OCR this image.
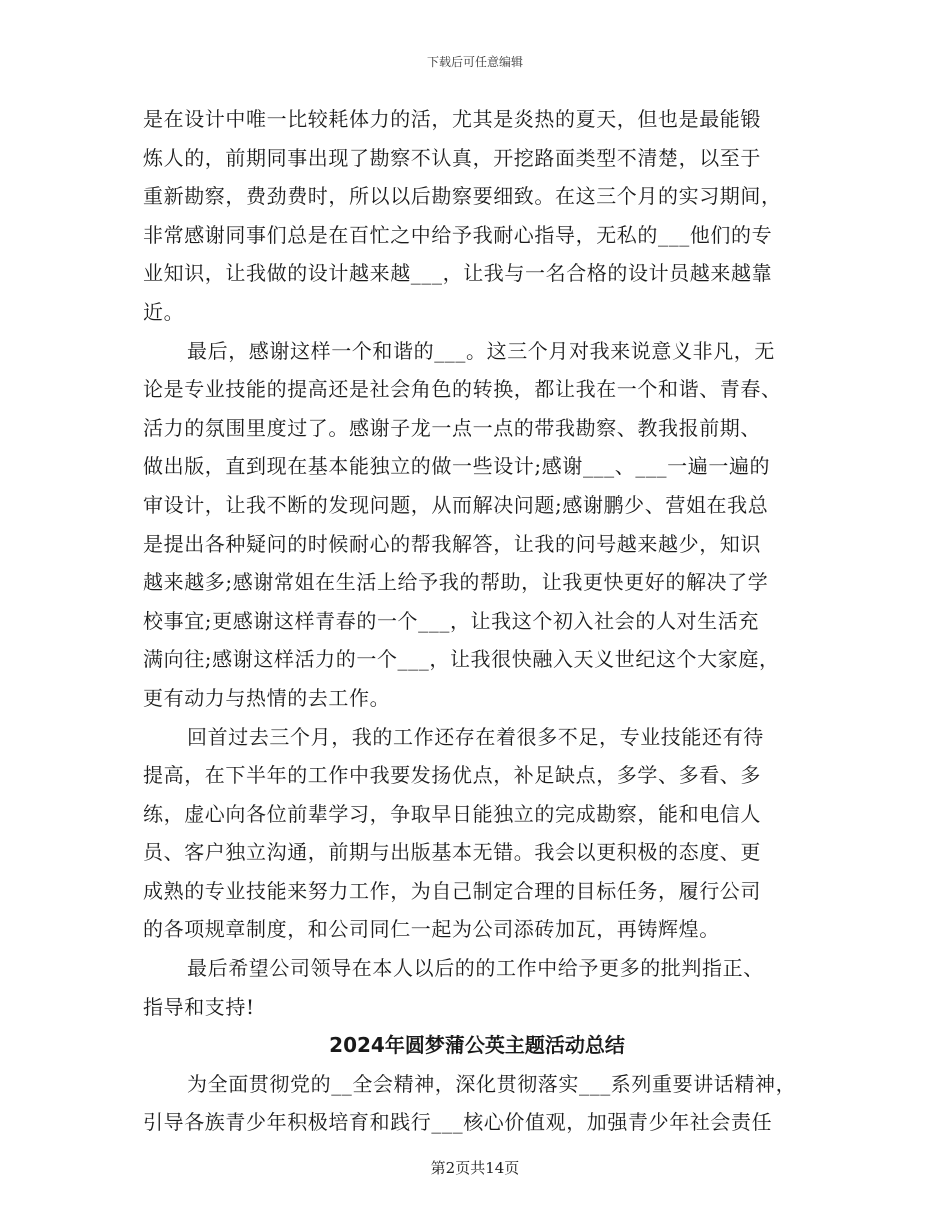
下载后可任意编辑
是在设计中唯一比较耗体力的活，尤其是炎热的夏天，但也是最能锻
炼人的，前期同事出现了勘察不认真，开挖路面类型不清楚，以至于
重新勘察，费劲费时，所以以后勘察要细致。在这三个月的实习期间，
非常感谢同事们总是在百忙之中给予我耐心指导，无私的___他们的专
业知识，让我做的设计越来越___，让我与一名合格的设计员越来越靠
近。
最后，感谢这样一个和谐的___。这三个月对我来说意义非凡，无
论是专业技能的提高还是社会角色的转换，都让我在一个和谐、青春、
活力的氛围里度过了。感谢子龙一点一点的带我勘察、教我报前期、
做出版，直到现在基本能独立的做一些设计;感谢___、___一遍一遍的
审设计，让我不断的发现问题，从而解决问题;感谢鹏少、营姐在我总
是提出各种疑问的时候耐心的帮我解答，让我的问号越来越少，知识
越来越多;感谢常姐在生活上给予我的帮助，让我更快更好的解决了学
校事宜;更感谢这样青春的一个___，让我这个初入社会的人对生活充
满向往;感谢这样活力的一个___，让我很快融入天义世纪这个大家庭，
更有动力与热情的去工作。
回首过去三个月，我的工作还存在着很多不足，专业技能还有待
提高，在下半年的工作中我要发扬优点，补足缺点，多学、多看、多
练，虚心向各位前辈学习，争取早日能独立的完成勘察，能和电信人
员、客户独立沟通，前期与出版基本无错。我会以更积极的态度、更
成熟的专业技能来努力工作，为自己制定合理的目标任务，履行公司
的各项规章制度，和公司同仁一起为公司添砖加瓦，再铸辉煌。
最后希望公司领导在本人以后的的工作中给予更多的批判指正、
指导和支持!
2024年圆梦蒲公英主题活动总结
为全面贯彻党的__全会精神，深化贯彻落实___系列重要讲话精神，
引导各族青少年积极培育和践行___核心价值观，加强青少年社会责任
第2页共14页
